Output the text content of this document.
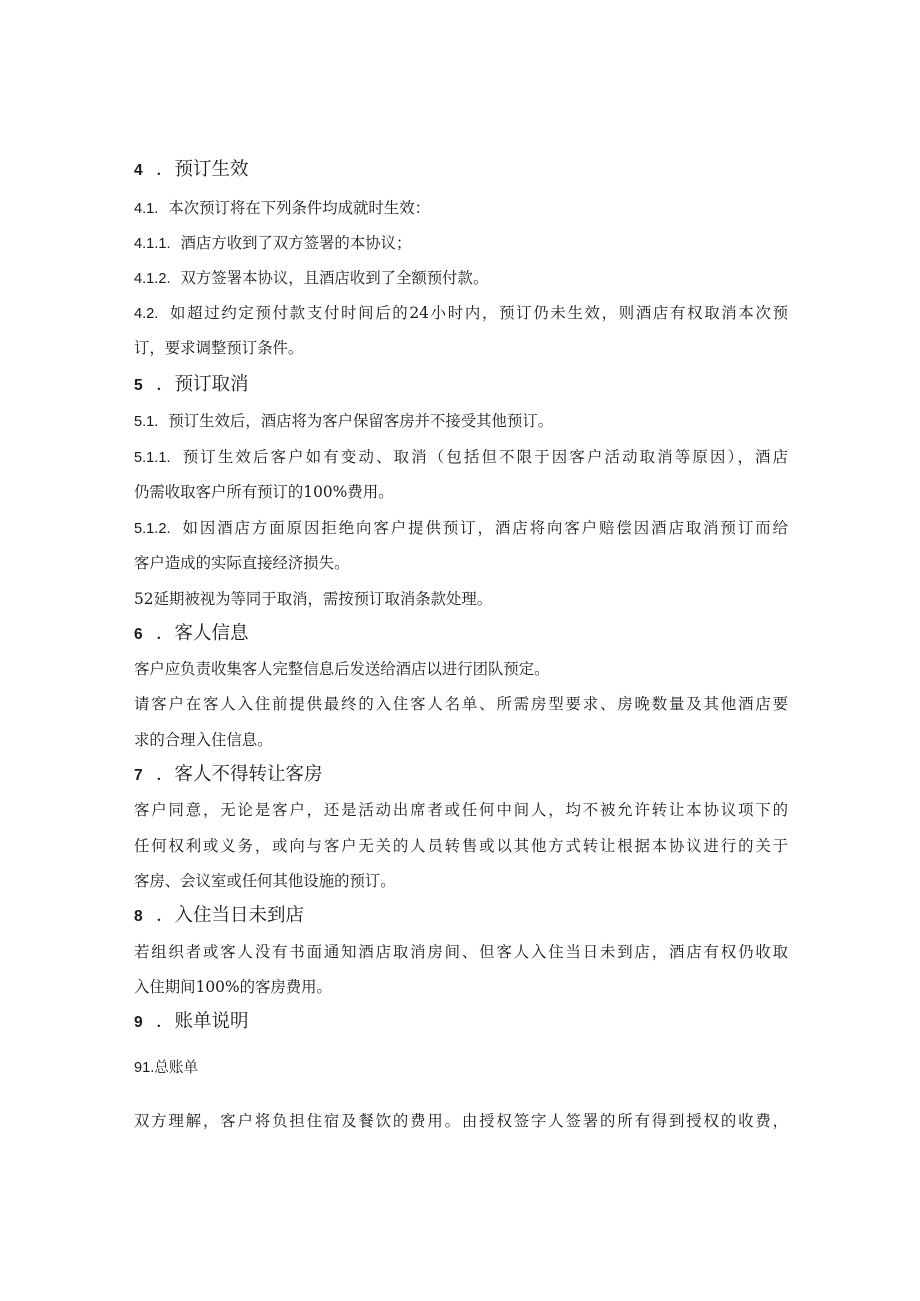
4 ．预订生效
4.1. 本次预订将在下列条件均成就时生效：
4.1.1. 酒店方收到了双方签署的本协议；
4.1.2. 双方签署本协议，且酒店收到了全额预付款。
4.2. 如超过约定预付款支付时间后的24小时内，预订仍未生效，则酒店有权取消本次预
订，要求调整预订条件。
5 ．预订取消
5.1. 预订生效后，酒店将为客户保留客房并不接受其他预订。
5.1.1. 预订生效后客户如有变动、取消（包括但不限于因客户活动取消等原因），酒店
仍需收取客户所有预订的100%费用。
5.1.2. 如因酒店方面原因拒绝向客户提供预订，酒店将向客户赔偿因酒店取消预订而给
客户造成的实际直接经济损失。
52延期被视为等同于取消，需按预订取消条款处理。
6 ．客人信息
客户应负责收集客人完整信息后发送给酒店以进行团队预定。
请客户在客人入住前提供最终的入住客人名单、所需房型要求、房晚数量及其他酒店要
求的合理入住信息。
7 ．客人不得转让客房
客户同意，无论是客户，还是活动出席者或任何中间人，均不被允许转让本协议项下的
任何权利或义务，或向与客户无关的人员转售或以其他方式转让根据本协议进行的关于
客房、会议室或任何其他设施的预订。
8 ．入住当日未到店
若组织者或客人没有书面通知酒店取消房间、但客人入住当日未到店，酒店有权仍收取
入住期间100%的客房费用。
9 ．账单说明
91.总账单
双方理解，客户将负担住宿及餐饮的费用。由授权签字人签署的所有得到授权的收费，
